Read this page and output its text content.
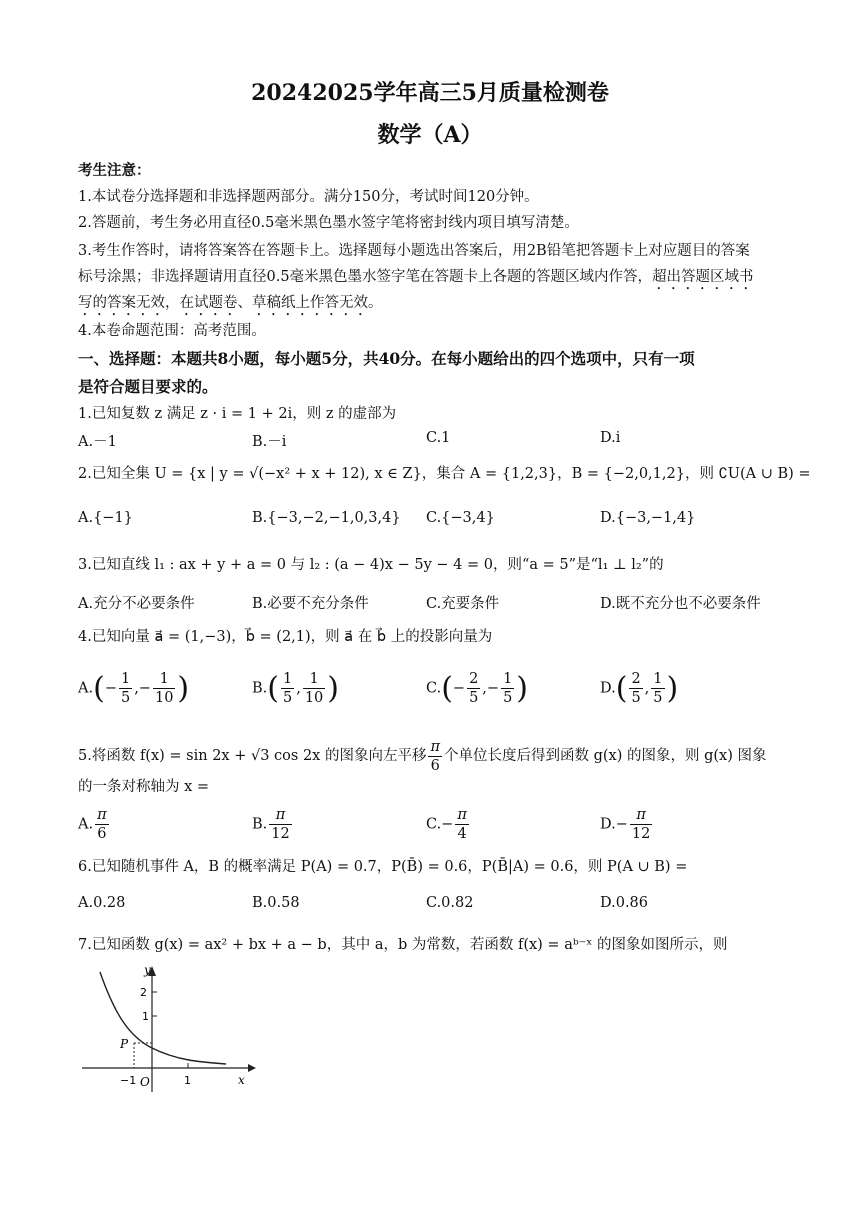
20242025学年高三5月质量检测卷
数学（A）
考生注意：
1.本试卷分选择题和非选择题两部分。满分150分，考试时间120分钟。
2.答题前，考生务必用直径0.5毫米黑色墨水签字笔将密封线内项目填写清楚。
3.考生作答时，请将答案答在答题卡上。选择题每小题选出答案后，用2B铅笔把答题卡上对应题目的答案
标号涂黑；非选择题请用直径0.5毫米黑色墨水签字笔在答题卡上各题的答题区域内作答，超出答题区域书
写的答案无效，在试题卷、草稿纸上作答无效。
4.本卷命题范围：高考范围。
一、选择题：本题共8小题，每小题5分，共40分。在每小题给出的四个选项中，只有一项
是符合题目要求的。
1.已知复数 z 满足 z · i = 1 + 2i，则 z 的虚部为
A.－1	B.－i	C.1	D.i
2.已知全集 U = {x | y = √(−x² + x + 12), x ∈ Z}，集合 A = {1,2,3}，B = {−2,0,1,2}，则 ∁U(A ∪ B) =
A.{−1}	B.{−3,−2,−1,0,3,4} C.{−3,4}	D.{−3,−1,4}
3.已知直线 l₁ : ax + y + a = 0 与 l₂ : (a − 4)x − 5y − 4 = 0，则“a = 5”是“l₁ ⊥ l₂”的
A.充分不必要条件	B.必要不充分条件	C.充要条件	D.既不充分也不必要条件
4.已知向量 a⃗ = (1,−3)，b⃗ = (2,1)，则 a⃗ 在 b⃗ 上的投影向量为
$A.(- \frac{1}{5}$ ,− $\frac{1}{10}$ )	$B.( \frac{1}{5}$ , $\frac{1}{10}$ )	$C.(- \frac{2}{5}$ ,− $\frac{1}{5}$ )	$D.( \frac{2}{5}$ , $\frac{1}{5}$ )
5.将函数 f(x) = sin 2x + √3 cos 2x 的图象向左平移 $\frac{\pi}{6}$ 个单位长度后得到函数 g(x) 的图象，则 g(x) 图象
的一条对称轴为 x =
A. $\frac{\pi}{6}$	B. $\frac{\pi}{12}$	$C.- \frac{\pi}{4}$	$D.- \frac{\pi}{12}$
6.已知随机事件 A，B 的概率满足 P(A) = 0.7，P(B̄) = 0.6，P(B̄|A) = 0.6，则 P(A ∪ B) =
A.0.28	B.0.58	C.0.82	D.0.86
7.已知函数 g(x) = ax² + bx + a − b，其中 a，b 为常数，若函数 f(x) = aᵇ⁻ˣ 的图象如图所示，则
y
x
O
2
1
1
−1
P
